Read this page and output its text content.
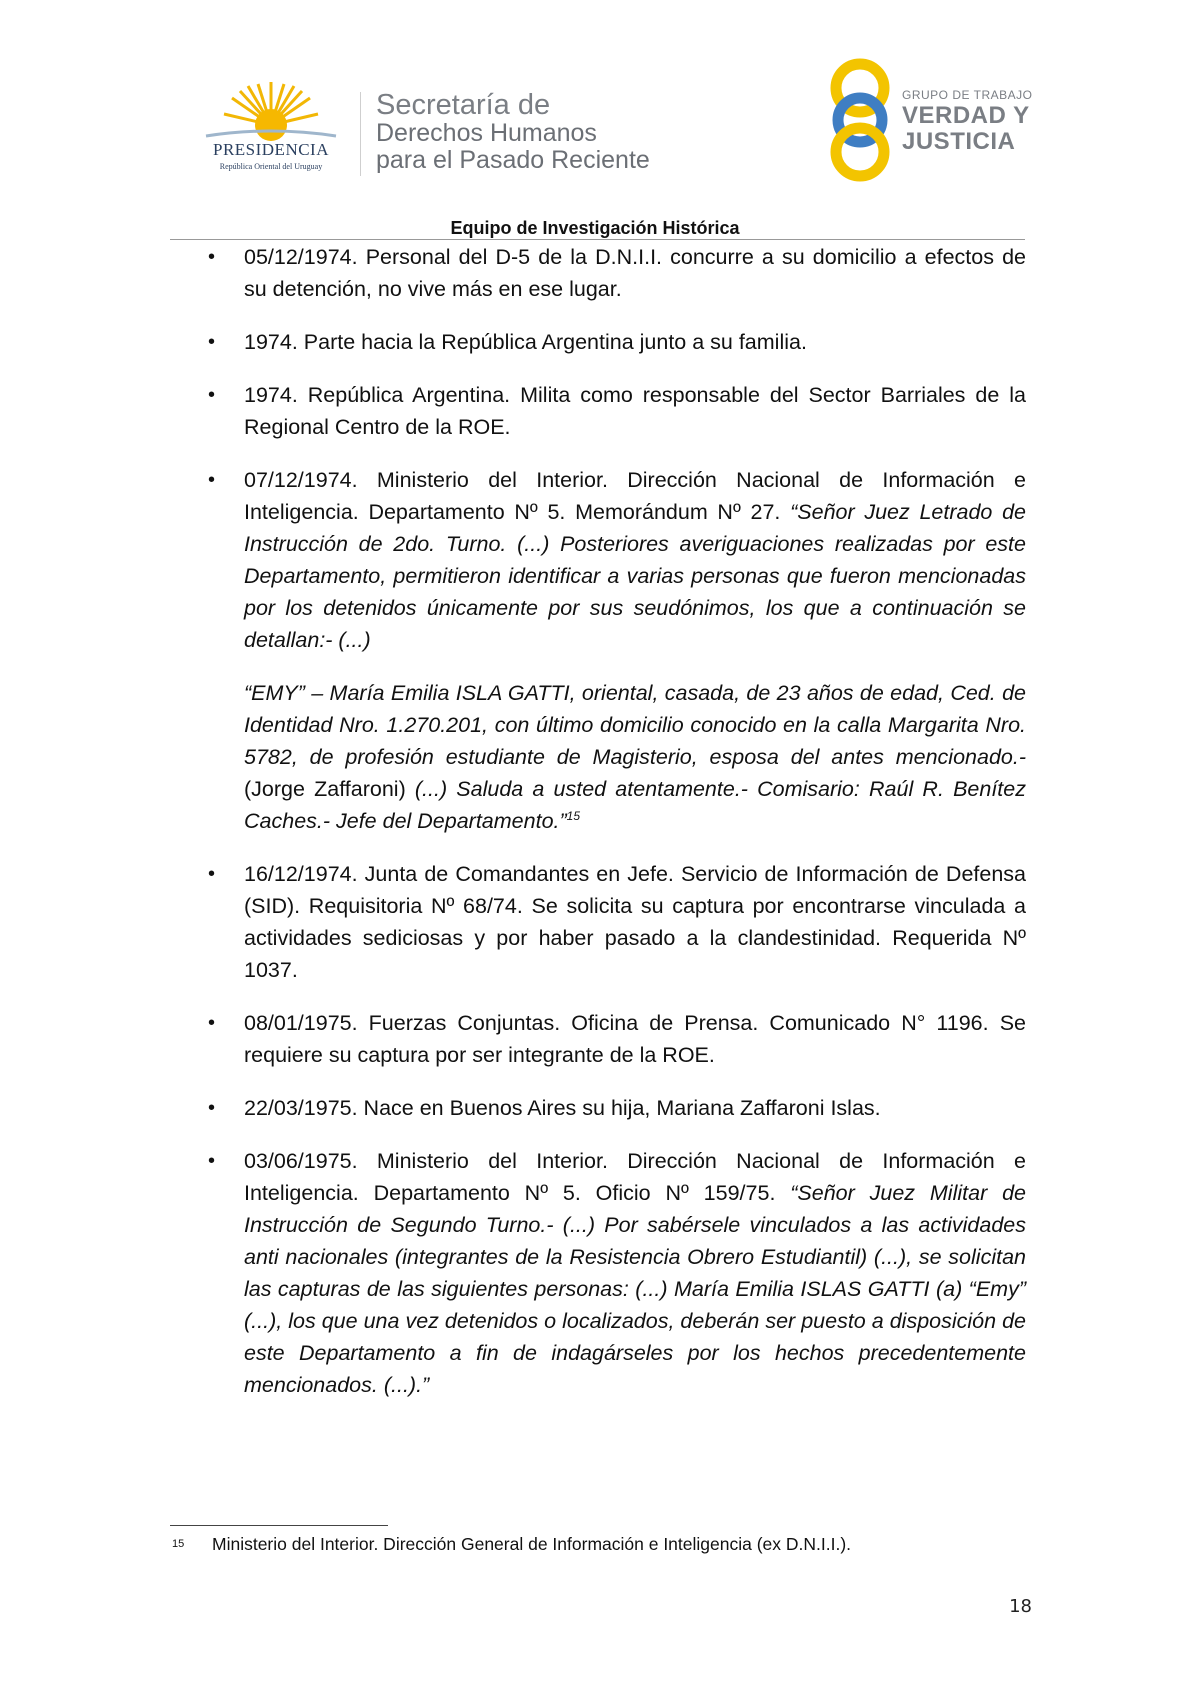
PRESIDENCIA
República Oriental del Uruguay
Secretaría de
Derechos Humanos
para el Pasado Reciente
GRUPO DE TRABAJO
VERDAD Y
JUSTICIA
Equipo de Investigación Histórica
• 05/12/1974. Personal del D-5 de la D.N.I.I. concurre a su domicilio a efectos de su detención, no vive más en ese lugar.
• 1974. Parte hacia la República Argentina junto a su familia.
• 1974. República Argentina. Milita como responsable del Sector Barriales de la Regional Centro de la ROE.
• 07/12/1974. Ministerio del Interior. Dirección Nacional de Información e Inteligencia. Departamento Nº 5. Memorándum Nº 27. “Señor Juez Letrado de Instrucción de 2do. Turno. (...) Posteriores averiguaciones realizadas por este Departamento, permitieron identificar a varias personas que fueron mencionadas por los detenidos únicamente por sus seudónimos, los que a continuación se detallan:- (...)
“EMY” – María Emilia ISLA GATTI, oriental, casada, de 23 años de edad, Ced. de Identidad Nro. 1.270.201, con último domicilio conocido en la calla Margarita Nro. 5782, de profesión estudiante de Magisterio, esposa del antes mencionado.- (Jorge Zaffaroni) (...) Saluda a usted atentamente.- Comisario: Raúl R. Benítez Caches.- Jefe del Departamento.”$^{15}$
• 16/12/1974. Junta de Comandantes en Jefe. Servicio de Información de Defensa (SID). Requisitoria Nº 68/74. Se solicita su captura por encontrarse vinculada a actividades sediciosas y por haber pasado a la clandestinidad. Requerida Nº 1037.
• 08/01/1975. Fuerzas Conjuntas. Oficina de Prensa. Comunicado N° 1196. Se requiere su captura por ser integrante de la ROE.
• 22/03/1975. Nace en Buenos Aires su hija, Mariana Zaffaroni Islas.
• 03/06/1975. Ministerio del Interior. Dirección Nacional de Información e Inteligencia. Departamento Nº 5. Oficio Nº 159/75. “Señor Juez Militar de Instrucción de Segundo Turno.- (...) Por sabérsele vinculados a las actividades anti nacionales (integrantes de la Resistencia Obrero Estudiantil) (...), se solicitan las capturas de las siguientes personas: (...) María Emilia ISLAS GATTI (a) “Emy” (...), los que una vez detenidos o localizados, deberán ser puesto a disposición de este Departamento a fin de indagárseles por los hechos precedentemente mencionados. (...).”
15 Ministerio del Interior. Dirección General de Información e Inteligencia (ex D.N.I.I.).
18
